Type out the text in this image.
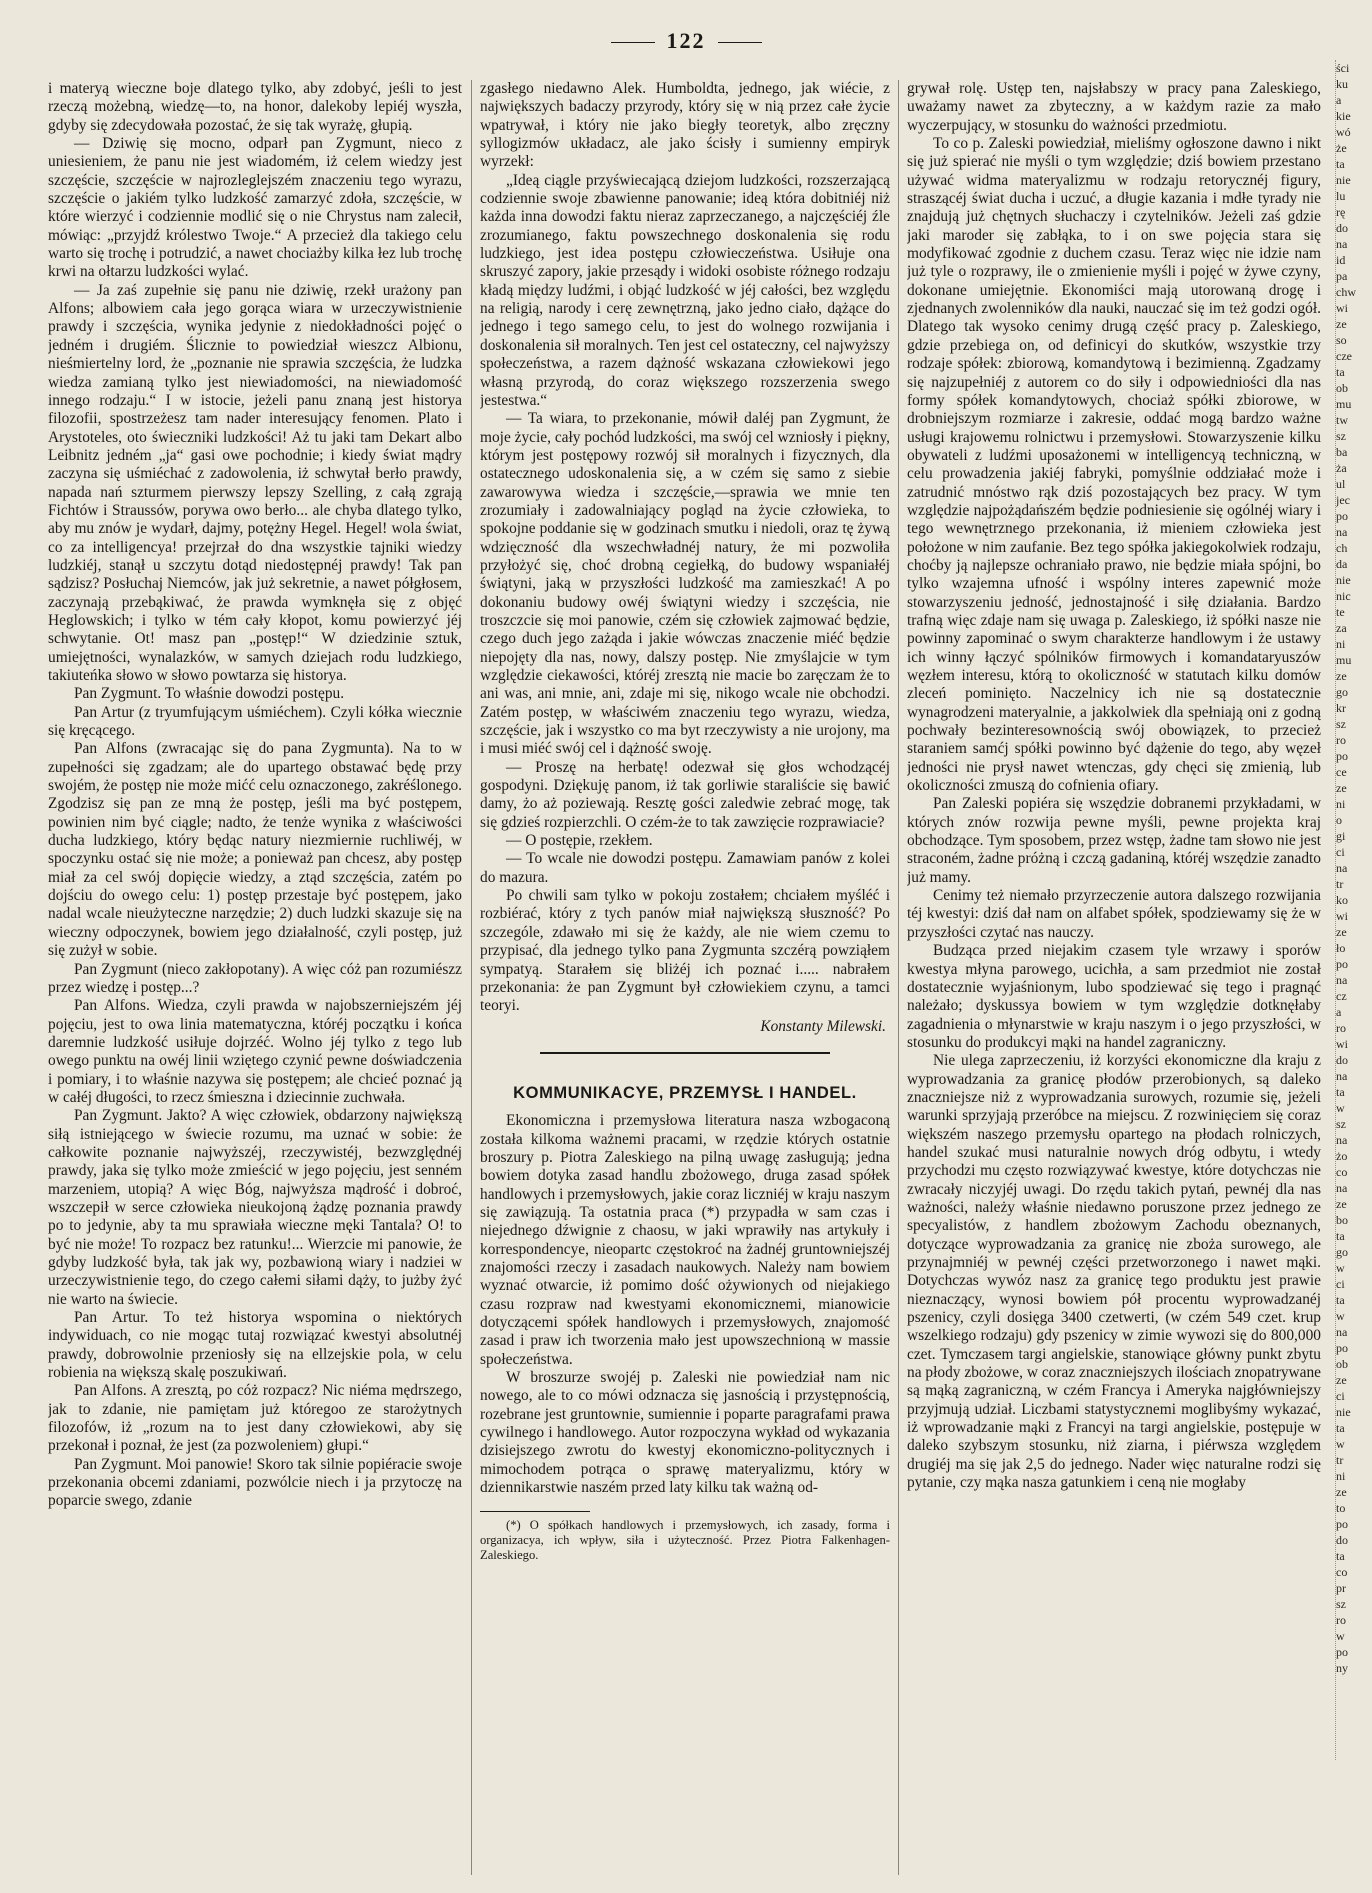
122

i materyą wieczne boje dlatego tylko, aby zdobyć, jeśli to jest rzeczą możebną, wiedzę—to, na honor, dalekoby lepiéj wyszła, gdyby się zdecydowała pozostać, że się tak wyrażę, głupią.

— Dziwię się mocno, odparł pan Zygmunt, nieco z uniesieniem, że panu nie jest wiadomém, iż celem wiedzy jest szczęście, szczęście w najrozleglejszém znaczeniu tego wyrazu, szczęście o jakiém tylko ludzkość zamarzyć zdoła, szczęście, w które wierzyć i codziennie modlić się o nie Chrystus nam zalecił, mówiąc: „przyjdź królestwo Twoje.“ A przecież dla takiego celu warto się trochę i potrudzić, a nawet chociażby kilka łez lub trochę krwi na ołtarzu ludzkości wylać.

— Ja zaś zupełnie się panu nie dziwię, rzekł urażony pan Alfons; albowiem cała jego gorąca wiara w urzeczywistnienie prawdy i szczęścia, wynika jedynie z niedokładności pojęć o jedném i drugiém. Ślicznie to powiedział wieszcz Albionu, nieśmiertelny lord, że „poznanie nie sprawia szczęścia, że ludzka wiedza zamianą tylko jest niewiadomości, na niewiadomość innego rodzaju.“ I w istocie, jeżeli panu znaną jest historya filozofii, spostrzeżesz tam nader interesujący fenomen. Plato i Arystoteles, oto świeczniki ludzkości! Aż tu jaki tam Dekart albo Leibnitz jedném „ja“ gasi owe pochodnie; i kiedy świat mądry zaczyna się uśmiéchać z zadowolenia, iż schwytał berło prawdy, napada nań szturmem pierwszy lepszy Szelling, z całą zgrają Fichtów i Straussów, porywa owo berło... ale chyba dlatego tylko, aby mu znów je wydarł, dajmy, potężny Hegel. Hegel! wola świat, co za intelligencya! przejrzał do dna wszystkie tajniki wiedzy ludzkiéj, stanął u szczytu dotąd niedostępnéj prawdy! Tak pan sądzisz? Posłuchaj Niemców, jak już sekretnie, a nawet półgłosem, zaczynają przebąkiwać, że prawda wymknęła się z objęć Heglowskich; i tylko w tém cały kłopot, komu powierzyć jéj schwytanie. Ot! masz pan „postęp!“ W dziedzinie sztuk, umiejętności, wynalazków, w samych dziejach rodu ludzkiego, takiuteńka słowo w słowo powtarza się historya.

Pan Zygmunt. To właśnie dowodzi postępu.

Pan Artur (z tryumfującym uśmiéchem). Czyli kółka wiecznie się kręcącego.

Pan Alfons (zwracając się do pana Zygmunta). Na to w zupełności się zgadzam; ale do upartego obstawać będę przy swojém, że postęp nie może mićć celu oznaczonego, zakréślonego. Zgodzisz się pan ze mną że postęp, jeśli ma być postępem, powinien nim być ciągle; nadto, że tenże wynika z właściwości ducha ludzkiego, który będąc natury niezmiernie ruchliwéj, w spoczynku ostać się nie może; a ponieważ pan chcesz, aby postęp miał za cel swój dopięcie wiedzy, a ztąd szczęścia, zatém po dojściu do owego celu: 1) postęp przestaje być postępem, jako nadal wcale nieużyteczne narzędzie; 2) duch ludzki skazuje się na wieczny odpoczynek, bowiem jego działalność, czyli postęp, już się zużył w sobie.

Pan Zygmunt (nieco zakłopotany). A więc cóż pan rozumiészz przez wiedzę i postęp...?

Pan Alfons. Wiedza, czyli prawda w najobszerniejszém jéj pojęciu, jest to owa linia matematyczna, któréj początku i końca daremnie ludzkość usiłuje dojrzéć. Wolno jéj tylko z tego lub owego punktu na owéj linii wziętego czynić pewne doświadczenia i pomiary, i to właśnie nazywa się postępem; ale chcieć poznać ją w całéj długości, to rzecz śmieszna i dziecinnie zuchwała.

Pan Zygmunt. Jakto? A więc człowiek, obdarzony największą siłą istniejącego w świecie rozumu, ma uznać w sobie: że całkowite poznanie najwyższéj, rzeczywistéj, bezwzględnéj prawdy, jaka się tylko może zmieścić w jego pojęciu, jest senném marzeniem, utopią? A więc Bóg, najwyższa mądrość i dobroć, wszczepił w serce człowieka nieukojoną żądzę poznania prawdy po to jedynie, aby ta mu sprawiała wieczne męki Tantala? O! to być nie może! To rozpacz bez ratunku!... Wierzcie mi panowie, że gdyby ludzkość była, tak jak wy, pozbawioną wiary i nadziei w urzeczywistnienie tego, do czego całemi siłami dąży, to jużby żyć nie warto na świecie.

Pan Artur. To też historya wspomina o niektórych indywiduach, co nie mogąc tutaj rozwiązać kwestyi absolutnéj prawdy, dobrowolnie przeniosły się na ellzejskie pola, w celu robienia na większą skalę poszukiwań.

Pan Alfons. A zresztą, po cóż rozpacz? Nic niéma mędrszego, jak to zdanie, nie pamiętam już któregoo ze starożytnych filozofów, iż „rozum na to jest dany człowiekowi, aby się przekonał i poznał, że jest (za pozwoleniem) głupi.“

Pan Zygmunt. Moi panowie! Skoro tak silnie popiéracie swoje przekonania obcemi zdaniami, pozwólcie niech i ja przytoczę na poparcie swego, zdanie

zgasłego niedawno Alek. Humboldta, jednego, jak wiécie, z największych badaczy przyrody, który się w nią przez całe życie wpatrywał, i który nie jako biegły teoretyk, albo zręczny syllogizmów układacz, ale jako ścisły i sumienny empiryk wyrzekł:

„Ideą ciągle przyświecającą dziejom ludzkości, rozszerzającą codziennie swoje zbawienne panowanie; ideą która dobitniéj niż każda inna dowodzi faktu nieraz zaprzeczanego, a najczęściéj źle zrozumianego, faktu powszechnego doskonalenia się rodu ludzkiego, jest idea postępu człowieczeństwa. Usiłuje ona skruszyć zapory, jakie przesądy i widoki osobiste różnego rodzaju kładą między ludźmi, i objąć ludzkość w jéj całości, bez względu na religią, narody i cerę zewnętrzną, jako jedno ciało, dążące do jednego i tego samego celu, to jest do wolnego rozwijania i doskonalenia sił moralnych. Ten jest cel ostateczny, cel najwyższy społeczeństwa, a razem dążność wskazana człowiekowi jego własną przyrodą, do coraz większego rozszerzenia swego jestestwa.“

— Ta wiara, to przekonanie, mówił daléj pan Zygmunt, że moje życie, cały pochód ludzkości, ma swój cel wzniosły i piękny, którym jest postępowy rozwój sił moralnych i fizycznych, dla ostatecznego udoskonalenia się, a w czém się samo z siebie zawarowywa wiedza i szczęście,—sprawia we mnie ten zrozumiały i zadowalniający pogląd na życie człowieka, to spokojne poddanie się w godzinach smutku i niedoli, oraz tę żywą wdzięczność dla wszechwładnéj natury, że mi pozwoliła przyłożyć się, choć drobną cegiełką, do budowy wspaniałéj świątyni, jaką w przyszłości ludzkość ma zamieszkać! A po dokonaniu budowy owéj świątyni wiedzy i szczęścia, nie troszczcie się moi panowie, czém się człowiek zajmować będzie, czego duch jego zażąda i jakie wówczas znaczenie miéć będzie niepojęty dla nas, nowy, dalszy postęp. Nie zmyślajcie w tym względzie ciekawości, któréj zresztą nie macie bo zaręczam że to ani was, ani mnie, ani, zdaje mi się, nikogo wcale nie obchodzi. Zatém postęp, w właściwém znaczeniu tego wyrazu, wiedza, szczęście, jak i wszystko co ma byt rzeczywisty a nie urojony, ma i musi miéć swój cel i dążność swoję.

— Proszę na herbatę! odezwał się głos wchodzącéj gospodyni. Dziękuję panom, iż tak gorliwie staraliście się bawić damy, żo aż poziewają. Resztę gości zaledwie zebrać mogę, tak się gdzieś rozpierzchli. O czém-że to tak zawzięcie rozprawiacie?

— O postępie, rzekłem.

— To wcale nie dowodzi postępu. Zamawiam panów z kolei do mazura.

Po chwili sam tylko w pokoju zostałem; chciałem myśléć i rozbiérać, który z tych panów miał największą słuszność? Po szczególe, zdawało mi się że każdy, ale nie wiem czemu to przypisać, dla jednego tylko pana Zygmunta szczérą powziąłem sympatyą. Starałem się bliżéj ich poznać i..... nabrałem przekonania: że pan Zygmunt był człowiekiem czynu, a tamci teoryi.

Konstanty Milewski.
KOMMUNIKACYE, PRZEMYSŁ I HANDEL.

Ekonomiczna i przemysłowa literatura nasza wzbogaconą została kilkoma ważnemi pracami, w rzędzie których ostatnie broszury p. Piotra Zaleskiego na pilną uwagę zasługują; jedna bowiem dotyka zasad handlu zbożowego, druga zasad spółek handlowych i przemysłowych, jakie coraz liczniéj w kraju naszym się zawiązują. Ta ostatnia praca (*) przypadła w sam czas i niejednego dźwignie z chaosu, w jaki wprawiły nas artykuły i korrespondencye, nieopartc częstokroć na żadnéj gruntowniejszéj znajomości rzeczy i zasadach naukowych. Należy nam bowiem wyznać otwarcie, iż pomimo dość ożywionych od niejakiego czasu rozpraw nad kwestyami ekonomicznemi, mianowicie dotyczącemi spółek handlowych i przemysłowych, znajomość zasad i praw ich tworzenia mało jest upowszechnioną w massie społeczeństwa.

W broszurze swojéj p. Zaleski nie powiedział nam nic nowego, ale to co mówi odznacza się jasnością i przystępnością, rozebrane jest gruntownie, sumiennie i poparte paragrafami prawa cywilnego i handlowego. Autor rozpoczyna wykład od wykazania dzisiejszego zwrotu do kwestyj ekonomiczno-politycznych i mimochodem potrąca o sprawę materyalizmu, który w dziennikarstwie naszém przed laty kilku tak ważną od-

(*) O spółkach handlowych i przemysłowych, ich zasady, forma i organizacya, ich wpływ, siła i użyteczność. Przez Piotra Falkenhagen-Zaleskiego.

grywał rolę. Ustęp ten, najsłabszy w pracy pana Zaleskiego, uważamy nawet za zbyteczny, a w każdym razie za mało wyczerpujący, w stosunku do ważności przedmiotu.

To co p. Zaleski powiedział, mieliśmy ogłoszone dawno i nikt się już spierać nie myśli o tym względzie; dziś bowiem przestano używać widma materyalizmu w rodzaju retorycznéj figury, straszącéj świat ducha i uczuć, a długie kazania i mdłe tyrady nie znajdują już chętnych słuchaczy i czytelników. Jeżeli zaś gdzie jaki maroder się zabłąka, to i on swe pojęcia stara się modyfikować zgodnie z duchem czasu. Teraz więc nie idzie nam już tyle o rozprawy, ile o zmienienie myśli i pojęć w żywe czyny, dokonane umiejętnie. Ekonomiści mają utorowaną drogę i zjednanych zwolenników dla nauki, nauczać się im też godzi ogół. Dlatego tak wysoko cenimy drugą część pracy p. Zaleskiego, gdzie przebiega on, od definicyi do skutków, wszystkie trzy rodzaje spółek: zbiorową, komandytową i bezimienną. Zgadzamy się najzupełniéj z autorem co do siły i odpowiedniości dla nas formy spółek komandytowych, chociaż spółki zbiorowe, w drobniejszym rozmiarze i zakresie, oddać mogą bardzo ważne usługi krajowemu rolnictwu i przemysłowi. Stowarzyszenie kilku obywateli z ludźmi uposażonemi w intelligencyą techniczną, w celu prowadzenia jakiéj fabryki, pomyślnie oddziałać może i zatrudnić mnóstwo rąk dziś pozostających bez pracy. W tym względzie najpożądańszém będzie podniesienie się ogólnéj wiary i tego wewnętrznego przekonania, iż mieniem człowieka jest położone w nim zaufanie. Bez tego spółka jakiegokolwiek rodzaju, choćby ją najlepsze ochraniało prawo, nie będzie miała spójni, bo tylko wzajemna ufność i wspólny interes zapewnić może stowarzyszeniu jedność, jednostajność i siłę działania. Bardzo trafną więc zdaje nam się uwaga p. Zaleskiego, iż spółki nasze nie powinny zapominać o swym charakterze handlowym i że ustawy ich winny łączyć spólników firmowych i komandataryuszów węzłem interesu, którą to okoliczność w statutach kilku domów zleceń pominięto. Naczelnicy ich nie są dostatecznie wynagrodzeni materyalnie, a jakkolwiek dla spełniają oni z godną pochwały bezinteresownością swój obowiązek, to przecież staraniem samćj spółki powinno być dążenie do tego, aby węzeł jedności nie prysł nawet wtenczas, gdy chęci się zmienią, lub okoliczności zmuszą do cofnienia ofiary.

Pan Zaleski popiéra się wszędzie dobranemi przykładami, w których znów rozwija pewne myśli, pewne projekta kraj obchodzące. Tym sposobem, przez wstęp, żadne tam słowo nie jest straconém, żadne próżną i czczą gadaniną, któréj wszędzie zanadto już mamy.

Cenimy też niemało przyrzeczenie autora dalszego rozwijania téj kwestyi: dziś dał nam on alfabet spółek, spodziewamy się że w przyszłości czytać nas nauczy.

Budząca przed niejakim czasem tyle wrzawy i sporów kwestya młyna parowego, ucichła, a sam przedmiot nie został dostatecznie wyjaśnionym, lubo spodziewać się tego i pragnąć należało; dyskussya bowiem w tym względzie dotknęłaby zagadnienia o młynarstwie w kraju naszym i o jego przyszłości, w stosunku do produkcyi mąki na handel zagraniczny.

Nie ulega zaprzeczeniu, iż korzyści ekonomiczne dla kraju z wyprowadzania za granicę płodów przerobionych, są daleko znaczniejsze niż z wyprowadzania surowych, rozumie się, jeżeli warunki sprzyjają przeróbce na miejscu. Z rozwinięciem się coraz większém naszego przemysłu opartego na płodach rolniczych, handel szukać musi naturalnie nowych dróg odbytu, i wtedy przychodzi mu często rozwiązywać kwestye, które dotychczas nie zwracały niczyjéj uwagi. Do rzędu takich pytań, pewnéj dla nas ważności, należy właśnie niedawno poruszone przez jednego ze specyalistów, z handlem zbożowym Zachodu obeznanych, dotyczące wyprowadzania za granicę nie zboża surowego, ale przynajmniéj w pewnéj części przetworzonego i nawet mąki. Dotychczas wywóz nasz za granicę tego produktu jest prawie nieznaczący, wynosi bowiem pół procentu wyprowadzanéj pszenicy, czyli dosięga 3400 czetwerti, (w czém 549 czet. krup wszelkiego rodzaju) gdy pszenicy w zimie wywozi się do 800,000 czet. Tymczasem targi angielskie, stanowiące główny punkt zbytu na płody zbożowe, w coraz znaczniejszych ilościach znopatrywane są mąką zagraniczną, w czém Francya i Ameryka najgłówniejszy przyjmują udział. Liczbami statystycznemi moglibyśmy wykazać, iż wprowadzanie mąki z Francyi na targi angielskie, postępuje w daleko szybszym stosunku, niż ziarna, i piérwsza względem drugiéj ma się jak 2,5 do jednego. Nader więc naturalne rodzi się pytanie, czy mąka nasza gatunkiem i ceną nie mogłaby

ści
ku
a
kie
wó
że
ta
nie
lu
rę
do
na
id
pa
chw
wi
ze
so
cze
ta
ob
mu
tw
sz
ba
ża
ul
jec
po
na
ch
da
nie
nic
te
za
ni
mu
ze
go
kr
sz
ro
po
ce
ze
ni
o
gi
ci
na
tr
ko
wi
ze
ło
po
na
cz
a
ro
wi
do
na
ta
w
sz
na
żo
co
na
ze
bo
ta
go
w
ci
ta
w
na
po
ob
ze
ci
nie
ta
w
tr
ni
ze
to
po
do
ta
co
pr
sz
ro
w
po
ny
